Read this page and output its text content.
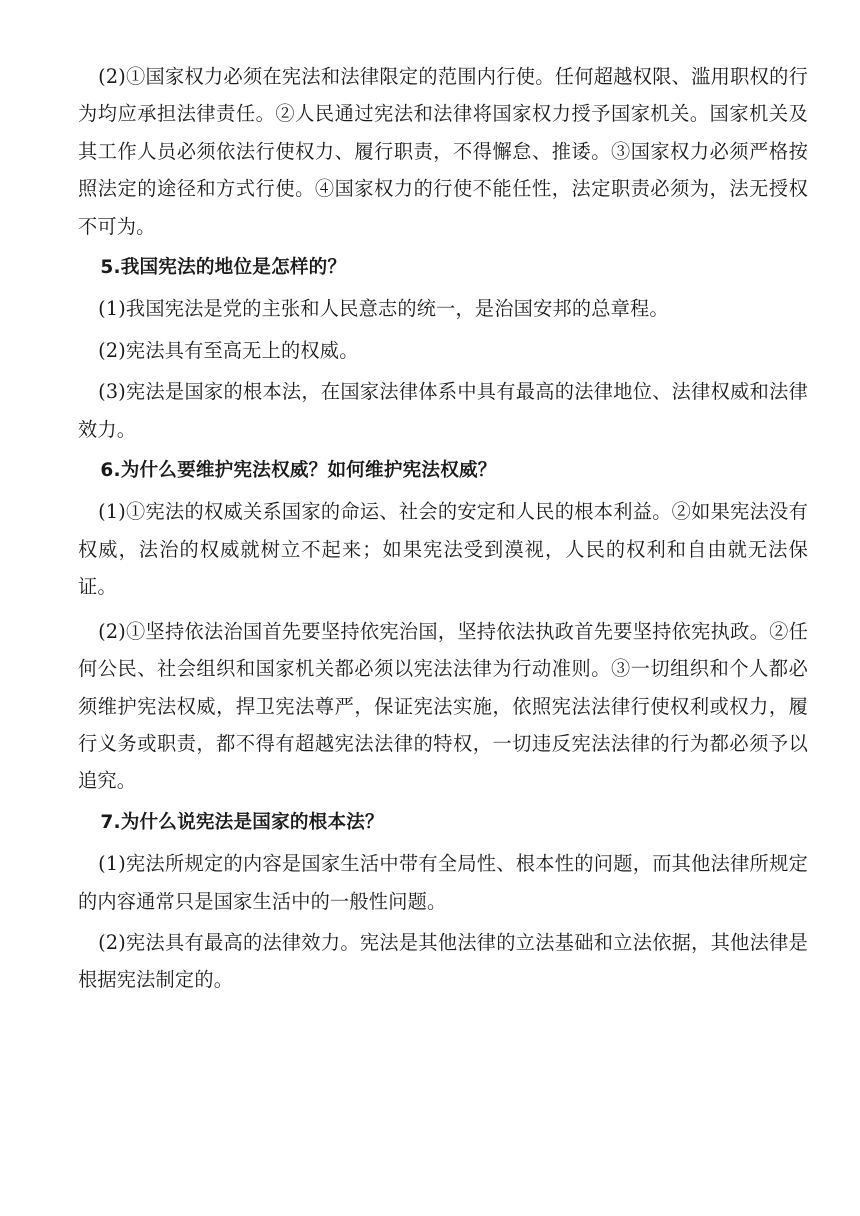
(2)①国家权力必须在宪法和法律限定的范围内行使。任何超越权限、滥用职权的行为均应承担法律责任。②人民通过宪法和法律将国家权力授予国家机关。国家机关及其工作人员必须依法行使权力、履行职责，不得懈怠、推诿。③国家权力必须严格按照法定的途径和方式行使。④国家权力的行使不能任性，法定职责必须为，法无授权不可为。

5.我国宪法的地位是怎样的？

(1)我国宪法是党的主张和人民意志的统一，是治国安邦的总章程。

(2)宪法具有至高无上的权威。

(3)宪法是国家的根本法，在国家法律体系中具有最高的法律地位、法律权威和法律效力。

6.为什么要维护宪法权威？如何维护宪法权威？

(1)①宪法的权威关系国家的命运、社会的安定和人民的根本利益。②如果宪法没有权威，法治的权威就树立不起来；如果宪法受到漠视，人民的权利和自由就无法保证。

(2)①坚持依法治国首先要坚持依宪治国，坚持依法执政首先要坚持依宪执政。②任何公民、社会组织和国家机关都必须以宪法法律为行动准则。③一切组织和个人都必须维护宪法权威，捍卫宪法尊严，保证宪法实施，依照宪法法律行使权利或权力，履行义务或职责，都不得有超越宪法法律的特权，一切违反宪法法律的行为都必须予以追究。

7.为什么说宪法是国家的根本法？

(1)宪法所规定的内容是国家生活中带有全局性、根本性的问题，而其他法律所规定的内容通常只是国家生活中的一般性问题。

(2)宪法具有最高的法律效力。宪法是其他法律的立法基础和立法依据，其他法律是根据宪法制定的。
